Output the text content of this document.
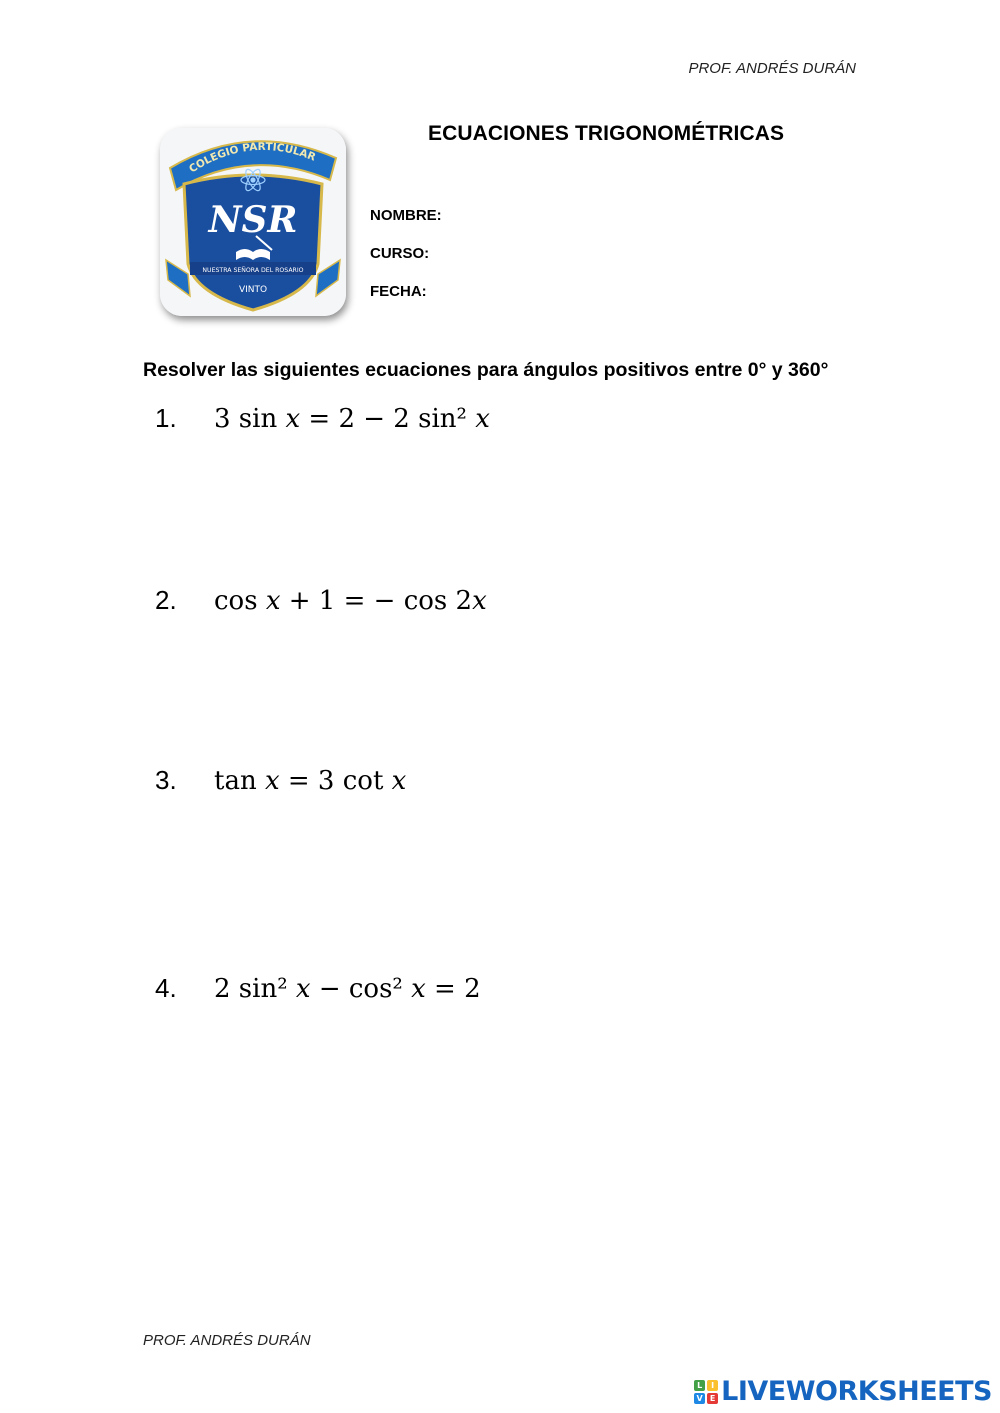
PROF. ANDRÉS DURÁN
COLEGIO PARTICULAR
NSR
NUESTRA SEÑORA DEL ROSARIO
VINTO
ECUACIONES TRIGONOMÉTRICAS
NOMBRE:
CURSO:
FECHA:
Resolver las siguientes ecuaciones para ángulos positivos entre 0° y 360°
1. 3 sin 𝑥 = 2 − 2 sin² 𝑥
2. cos 𝑥 + 1 = − cos 2𝑥
3. tan 𝑥 = 3 cot 𝑥
4. 2 sin² 𝑥 − cos² 𝑥 = 2
PROF. ANDRÉS DURÁN
L	I
V E LIVEWORKSHEETS
